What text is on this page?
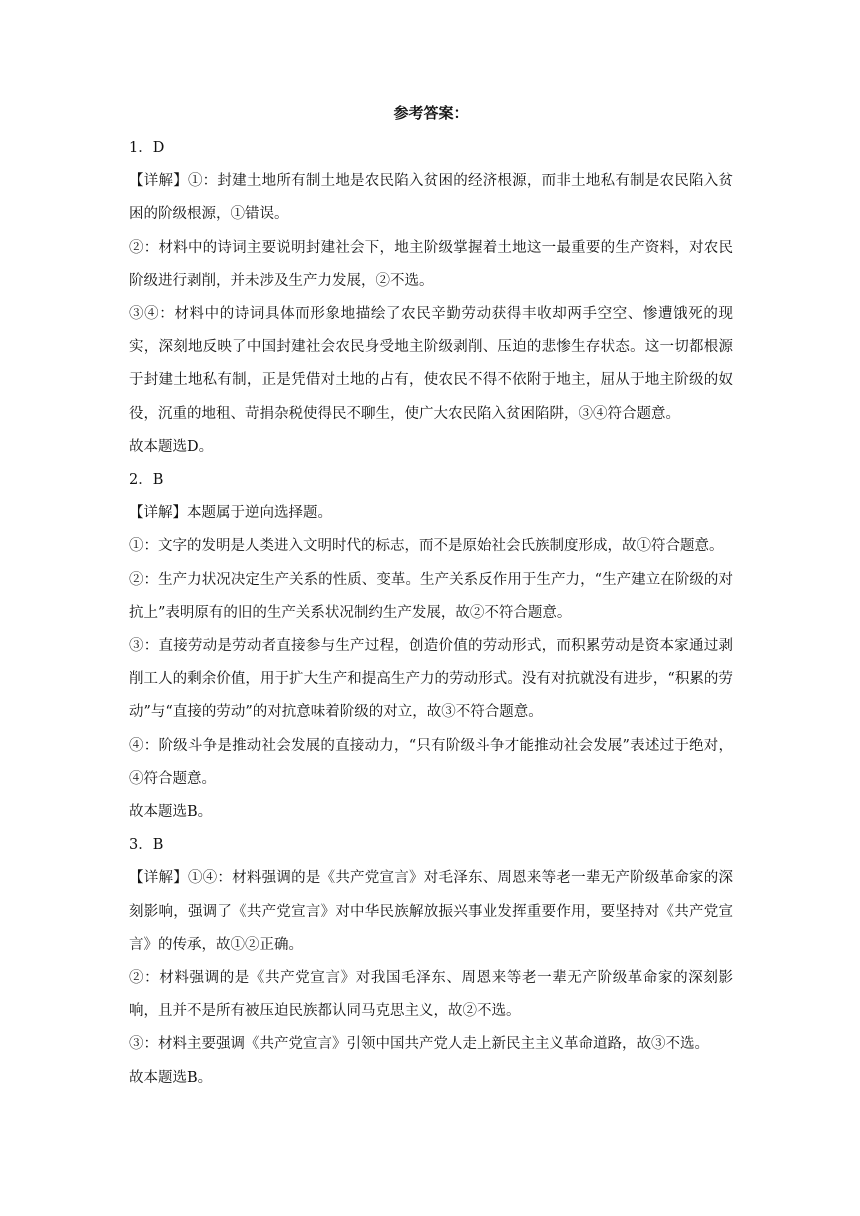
参考答案：

1．D

【详解】①：封建土地所有制土地是农民陷入贫困的经济根源，而非土地私有制是农民陷入贫困的阶级根源，①错误。

②：材料中的诗词主要说明封建社会下，地主阶级掌握着土地这一最重要的生产资料，对农民阶级进行剥削，并未涉及生产力发展，②不选。

③④：材料中的诗词具体而形象地描绘了农民辛勤劳动获得丰收却两手空空、惨遭饿死的现实，深刻地反映了中国封建社会农民身受地主阶级剥削、压迫的悲惨生存状态。这一切都根源于封建土地私有制，正是凭借对土地的占有，使农民不得不依附于地主，屈从于地主阶级的奴役，沉重的地租、苛捐杂税使得民不聊生，使广大农民陷入贫困陷阱，③④符合题意。

故本题选D。

2．B

【详解】本题属于逆向选择题。

①：文字的发明是人类进入文明时代的标志，而不是原始社会氏族制度形成，故①符合题意。

②：生产力状况决定生产关系的性质、变革。生产关系反作用于生产力，“生产建立在阶级的对抗上”表明原有的旧的生产关系状况制约生产发展，故②不符合题意。

③：直接劳动是劳动者直接参与生产过程，创造价值的劳动形式，而积累劳动是资本家通过剥削工人的剩余价值，用于扩大生产和提高生产力的劳动形式。没有对抗就没有进步，“积累的劳动”与“直接的劳动”的对抗意味着阶级的对立，故③不符合题意。

④：阶级斗争是推动社会发展的直接动力，“只有阶级斗争才能推动社会发展”表述过于绝对，④符合题意。

故本题选B。

3．B

【详解】①④：材料强调的是《共产党宣言》对毛泽东、周恩来等老一辈无产阶级革命家的深刻影响，强调了《共产党宣言》对中华民族解放振兴事业发挥重要作用，要坚持对《共产党宣言》的传承，故①②正确。

②：材料强调的是《共产党宣言》对我国毛泽东、周恩来等老一辈无产阶级革命家的深刻影响，且并不是所有被压迫民族都认同马克思主义，故②不选。

③：材料主要强调《共产党宣言》引领中国共产党人走上新民主主义革命道路，故③不选。

故本题选B。
